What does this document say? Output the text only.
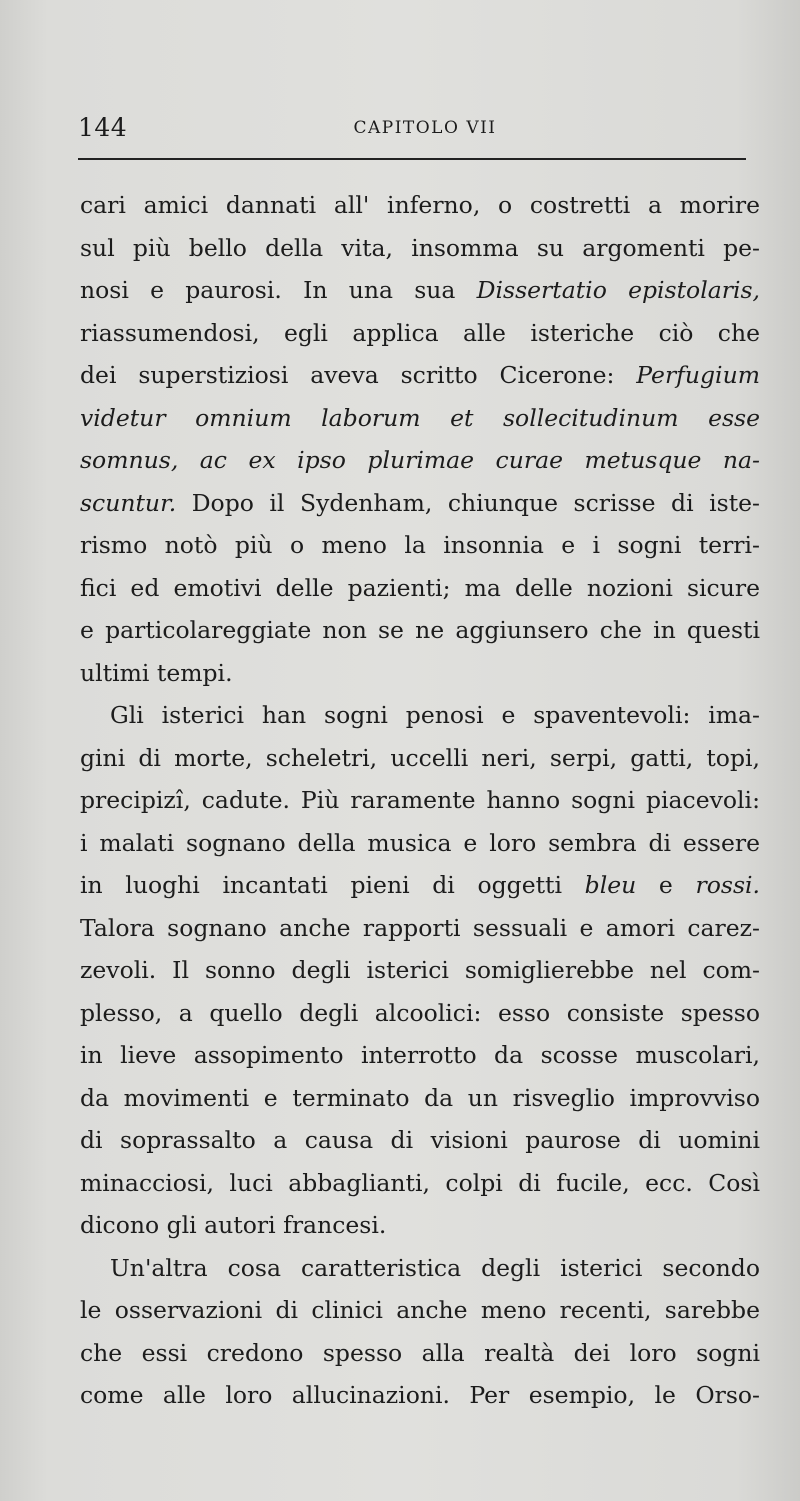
144	CAPITOLO VII
cari amici dannati all' inferno, o costretti a morire
sul più bello della vita, insomma su argomenti pe-
nosi e paurosi. In una sua Dissertatio epistolaris,
riassumendosi, egli applica alle isteriche ciò che
dei superstiziosi aveva scritto Cicerone: Perfugium
videtur omnium laborum et sollecitudinum esse
somnus, ac ex ipso plurimae curae metusque na-
scuntur. Dopo il Sydenham, chiunque scrisse di iste-
rismo notò più o meno la insonnia e i sogni terri-
fici ed emotivi delle pazienti; ma delle nozioni sicure
e particolareggiate non se ne aggiunsero che in questi
ultimi tempi.
Gli isterici han sogni penosi e spaventevoli: ima-
gini di morte, scheletri, uccelli neri, serpi, gatti, topi,
precipizî, cadute. Più raramente hanno sogni piacevoli:
i malati sognano della musica e loro sembra di essere
in luoghi incantati pieni di oggetti bleu e rossi.
Talora sognano anche rapporti sessuali e amori carez-
zevoli. Il sonno degli isterici somiglierebbe nel com-
plesso, a quello degli alcoolici: esso consiste spesso
in lieve assopimento interrotto da scosse muscolari,
da movimenti e terminato da un risveglio improvviso
di soprassalto a causa di visioni paurose di uomini
minacciosi, luci abbaglianti, colpi di fucile, ecc. Così
dicono gli autori francesi.
Un'altra cosa caratteristica degli isterici secondo
le osservazioni di clinici anche meno recenti, sarebbe
che essi credono spesso alla realtà dei loro sogni
come alle loro allucinazioni. Per esempio, le Orso-
